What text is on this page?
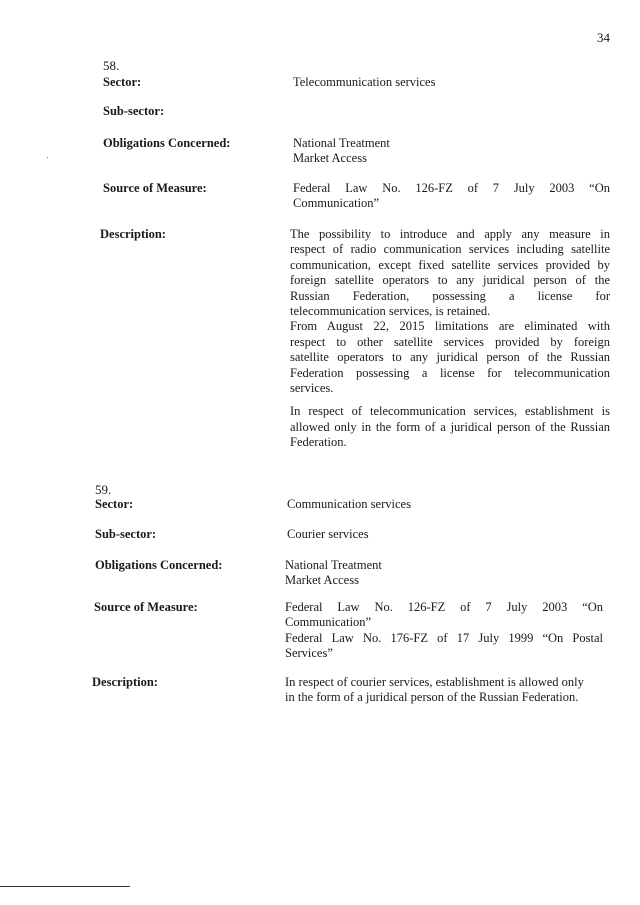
34
58.
Sector:	Telecommunication services
Sub-sector:
Obligations Concerned:	National Treatment
Market Access
Source of Measure:	Federal Law No. 126-FZ of 7 July 2003 “On
Communication”
Description:	The possibility to introduce and apply any measure in
respect of radio communication services including satellite
communication, except fixed satellite services provided by
foreign satellite operators to any juridical person of the
Russian Federation, possessing a license for
telecommunication services, is retained.
From August 22, 2015 limitations are eliminated with
respect to other satellite services provided by foreign
satellite operators to any juridical person of the Russian
Federation possessing a license for telecommunication
services.
In respect of telecommunication services, establishment is
allowed only in the form of a juridical person of the Russian
Federation.
59.
Sector:	Communication services
Sub-sector:	Courier services
Obligations Concerned:	National Treatment
Market Access
Source of Measure:	Federal Law No. 126-FZ of 7 July 2003 “On
Communication”
Federal Law No. 176-FZ of 17 July 1999 “On Postal
Services”
Description:	In respect of courier services, establishment is allowed only
in the form of a juridical person of the Russian Federation.
